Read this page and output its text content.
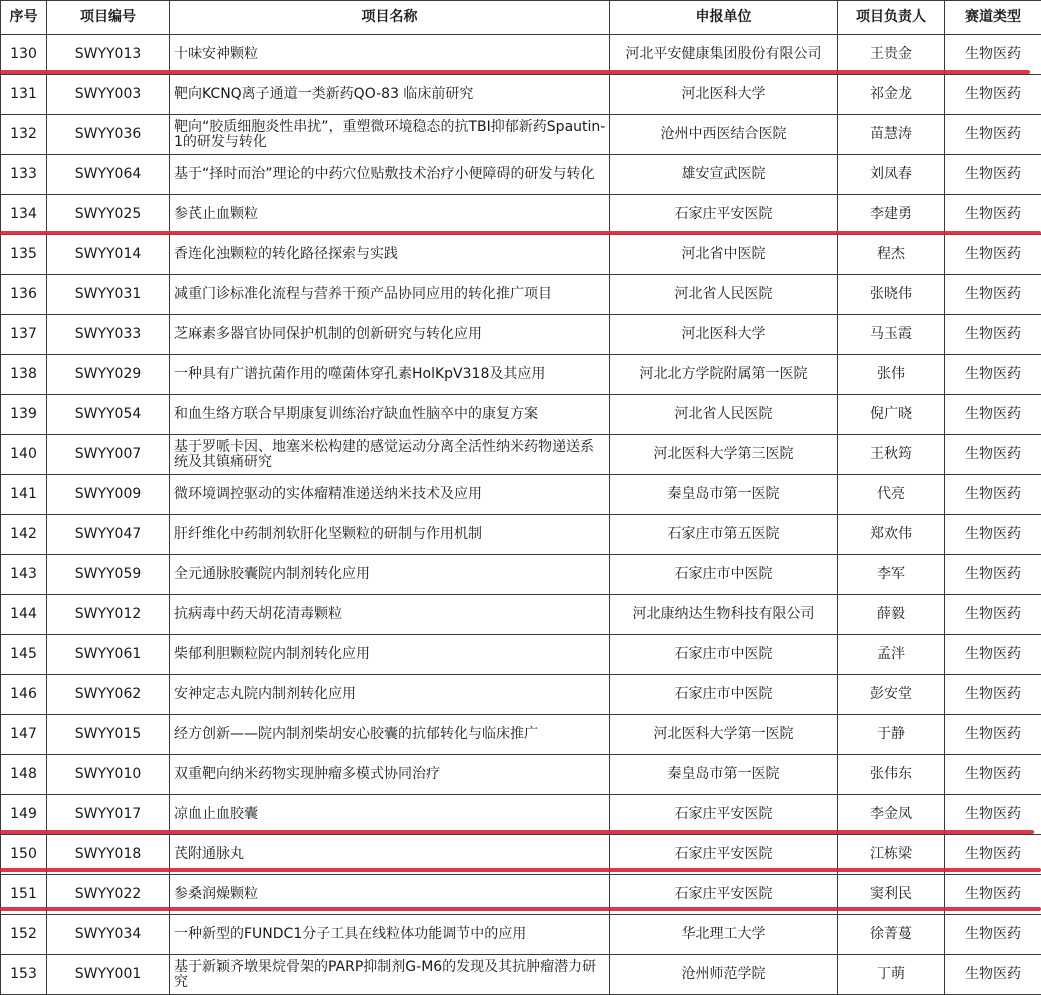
序号	项目编号	项目名称	申报单位	项目负责人	赛道类型
130	SWYY013	十味安神颗粒	河北平安健康集团股份有限公司	王贵金	生物医药
131	SWYY003	靶向KCNQ离子通道一类新药QO-83 临床前研究	河北医科大学	祁金龙	生物医药
132	SWYY036	靶向“胶质细胞炎性串扰”，重塑微环境稳态的抗TBI抑郁新药Spautin-1的研发与转化	沧州中西医结合医院	苗慧涛	生物医药
133	SWYY064	基于“择时而治”理论的中药穴位贴敷技术治疗小便障碍的研发与转化	雄安宣武医院	刘凤春	生物医药
134	SWYY025	参芪止血颗粒	石家庄平安医院	李建勇	生物医药
135	SWYY014	香连化浊颗粒的转化路径探索与实践	河北省中医院	程杰	生物医药
136	SWYY031	减重门诊标准化流程与营养干预产品协同应用的转化推广项目	河北省人民医院	张晓伟	生物医药
137	SWYY033	芝麻素多器官协同保护机制的创新研究与转化应用	河北医科大学	马玉霞	生物医药
138	SWYY029	一种具有广谱抗菌作用的噬菌体穿孔素HolKpV318及其应用	河北北方学院附属第一医院	张伟	生物医药
139	SWYY054	和血生络方联合早期康复训练治疗缺血性脑卒中的康复方案	河北省人民医院	倪广晓	生物医药
140	SWYY007	基于罗哌卡因、地塞米松构建的感觉运动分离全活性纳米药物递送系统及其镇痛研究	河北医科大学第三医院	王秋筠	生物医药
141	SWYY009	微环境调控驱动的实体瘤精准递送纳米技术及应用	秦皇岛市第一医院	代亮	生物医药
142	SWYY047	肝纤维化中药制剂软肝化坚颗粒的研制与作用机制	石家庄市第五医院	郑欢伟	生物医药
143	SWYY059	全元通脉胶囊院内制剂转化应用	石家庄市中医院	李军	生物医药
144	SWYY012	抗病毒中药天胡花清毒颗粒	河北康纳达生物科技有限公司	薛毅	生物医药
145	SWYY061	柴郁利胆颗粒院内制剂转化应用	石家庄市中医院	孟泮	生物医药
146	SWYY062	安神定志丸院内制剂转化应用	石家庄市中医院	彭安堂	生物医药
147	SWYY015	经方创新——院内制剂柴胡安心胶囊的抗郁转化与临床推广	河北医科大学第一医院	于静	生物医药
148	SWYY010	双重靶向纳米药物实现肿瘤多模式协同治疗	秦皇岛市第一医院	张伟东	生物医药
149	SWYY017	凉血止血胶囊	石家庄平安医院	李金凤	生物医药
150	SWYY018	芪附通脉丸	石家庄平安医院	江栋梁	生物医药
151	SWYY022	参桑润燥颗粒	石家庄平安医院	窦利民	生物医药
152	SWYY034	一种新型的FUNDC1分子工具在线粒体功能调节中的应用	华北理工大学	徐菁蔓	生物医药
153	SWYY001	基于新颖齐墩果烷骨架的PARP抑制剂G-M6的发现及其抗肿瘤潜力研究	沧州师范学院	丁萌	生物医药
